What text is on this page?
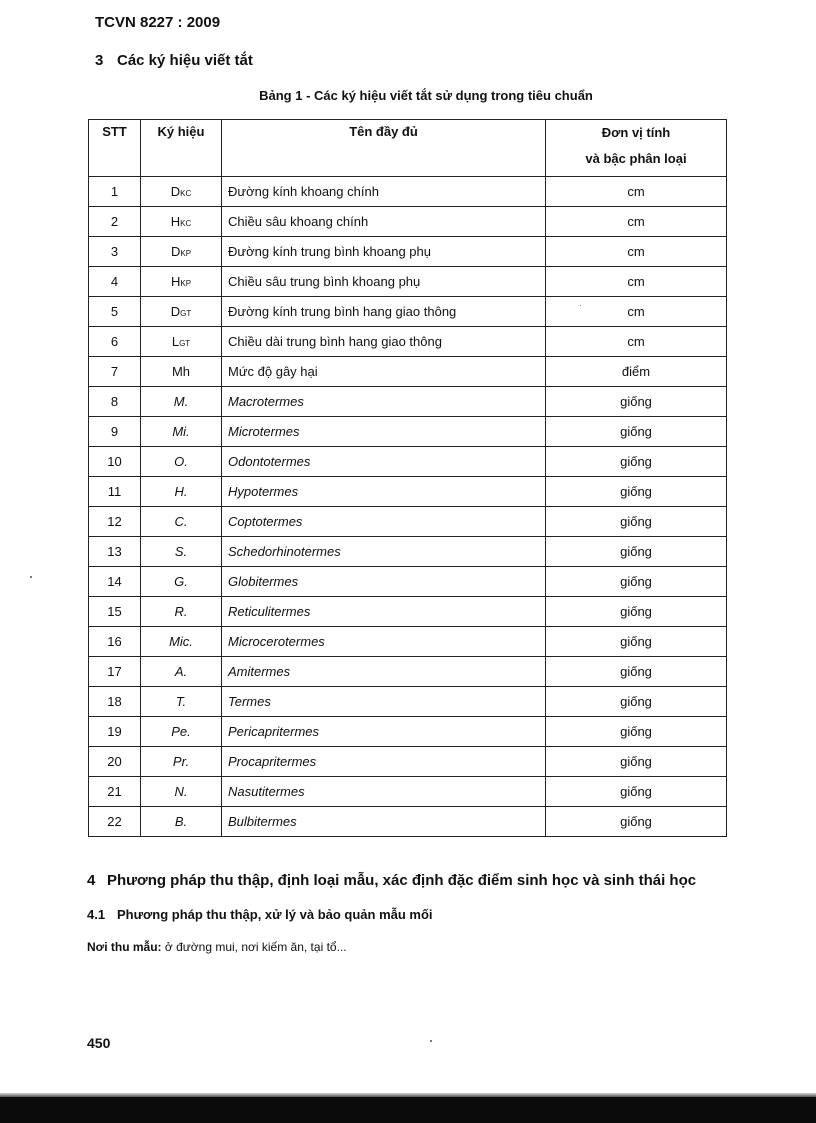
TCVN 8227 : 2009
3 Các ký hiệu viết tắt
Bảng 1 - Các ký hiệu viết tắt sử dụng trong tiêu chuẩn
STT	Ký hiệu	Tên đầy đủ	Đơn vị tính
và bậc phân loại

1	DKC	Đường kính khoang chính	cm
2	HKC	Chiều sâu khoang chính	cm
3	DKP	Đường kính trung bình khoang phụ	cm
4	HKP	Chiều sâu trung bình khoang phụ	cm
5	DGT	Đường kính trung bình hang giao thông	cm
6	LGT	Chiều dài trung bình hang giao thông	cm
7	Mh	Mức độ gây hại	điểm
8	M.	Macrotermes	giống
9	Mi.	Microtermes	giống
10	O.	Odontotermes	giống
11	H.	Hypotermes	giống
12	C.	Coptotermes	giống
13	S.	Schedorhinotermes	giống
14	G.	Globitermes	giống
15	R.	Reticulitermes	giống
16	Mic.	Microcerotermes	giống
17	A.	Amitermes	giống
18	T.	Termes	giống
19	Pe.	Pericapritermes	giống
20	Pr.	Procapritermes	giống
21	N.	Nasutitermes	giống
22	B.	Bulbitermes	giống
4 Phương pháp thu thập, định loại mẫu, xác định đặc điểm sinh học và sinh thái học
4.1 Phương pháp thu thập, xử lý và bảo quản mẫu mối
Nơi thu mẫu: ở đường mui, nơi kiếm ăn, tại tổ...
450
